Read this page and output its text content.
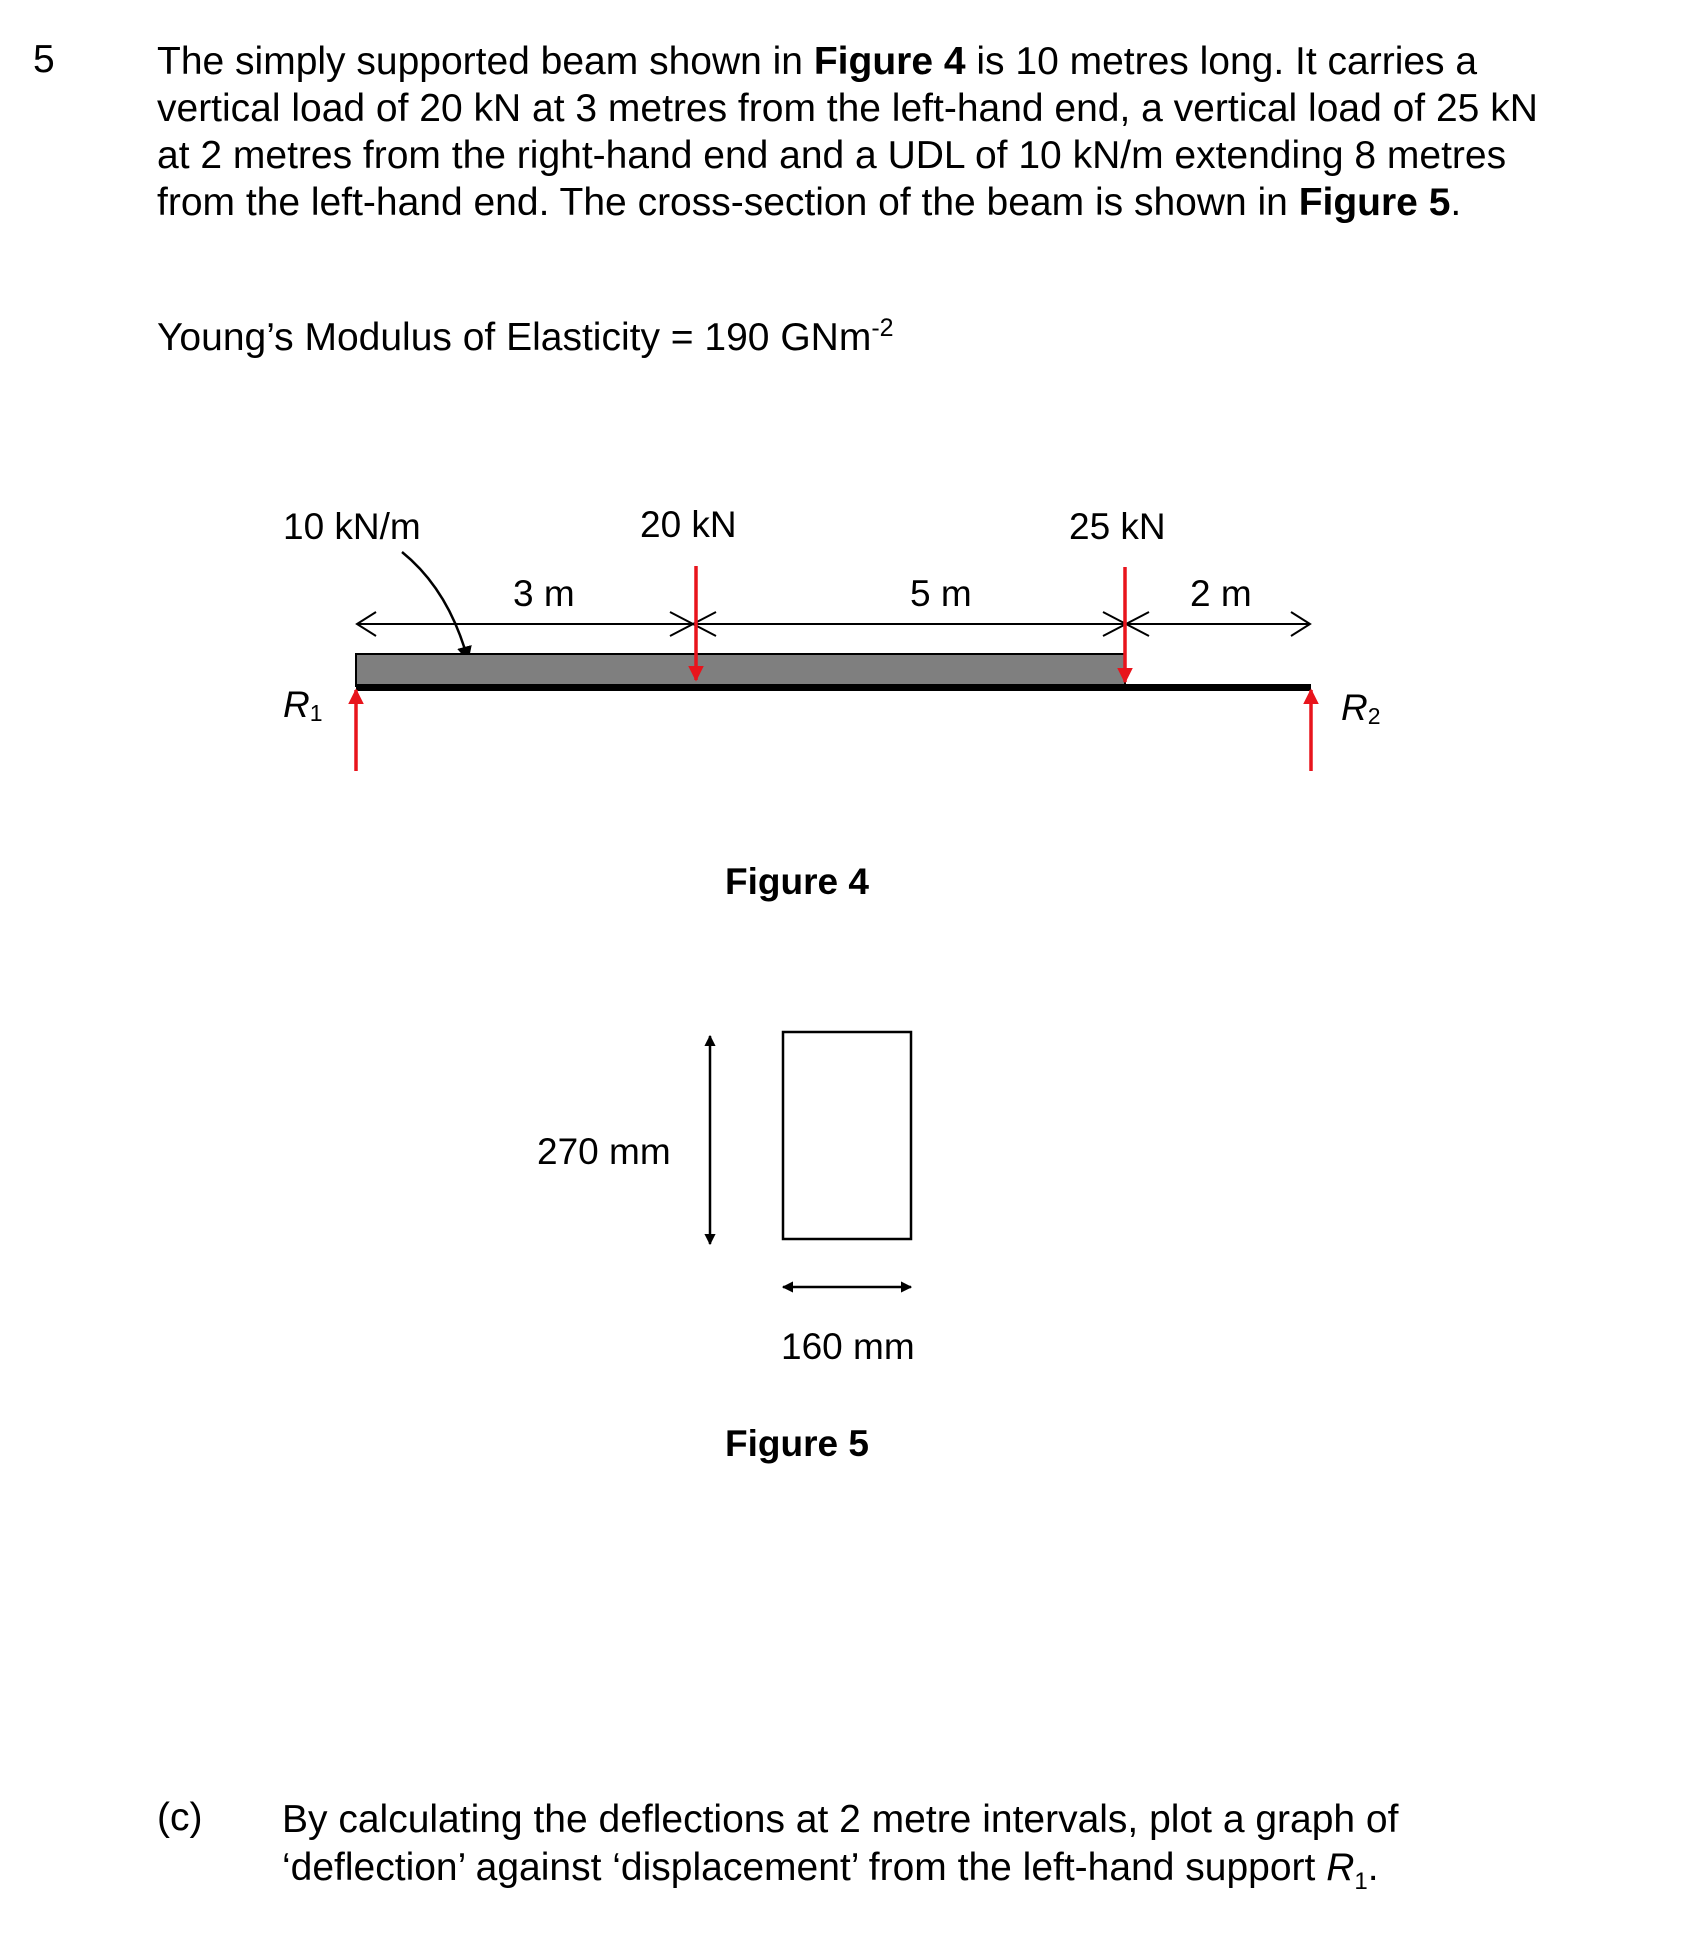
5	The simply supported beam shown in Figure 4 is 10 metres long. It carries a vertical load of 20 kN at 3 metres from the left-hand end, a vertical load of 25 kN at 2 metres from the right-hand end and a UDL of 10 kN/m extending 8 metres from the left-hand end. The cross-section of the beam is shown in Figure 5.
Young’s Modulus of Elasticity = 190 GNm$^{-2}$
10 kN/m	20 kN	25 kN
3 m	5 m	2 m
R1	R2
Figure 4
270 mm
160 mm
Figure 5
(c) By calculating the deflections at 2 metre intervals, plot a graph of ‘deflection’ against ‘displacement’ from the left-hand support $R_1$.
